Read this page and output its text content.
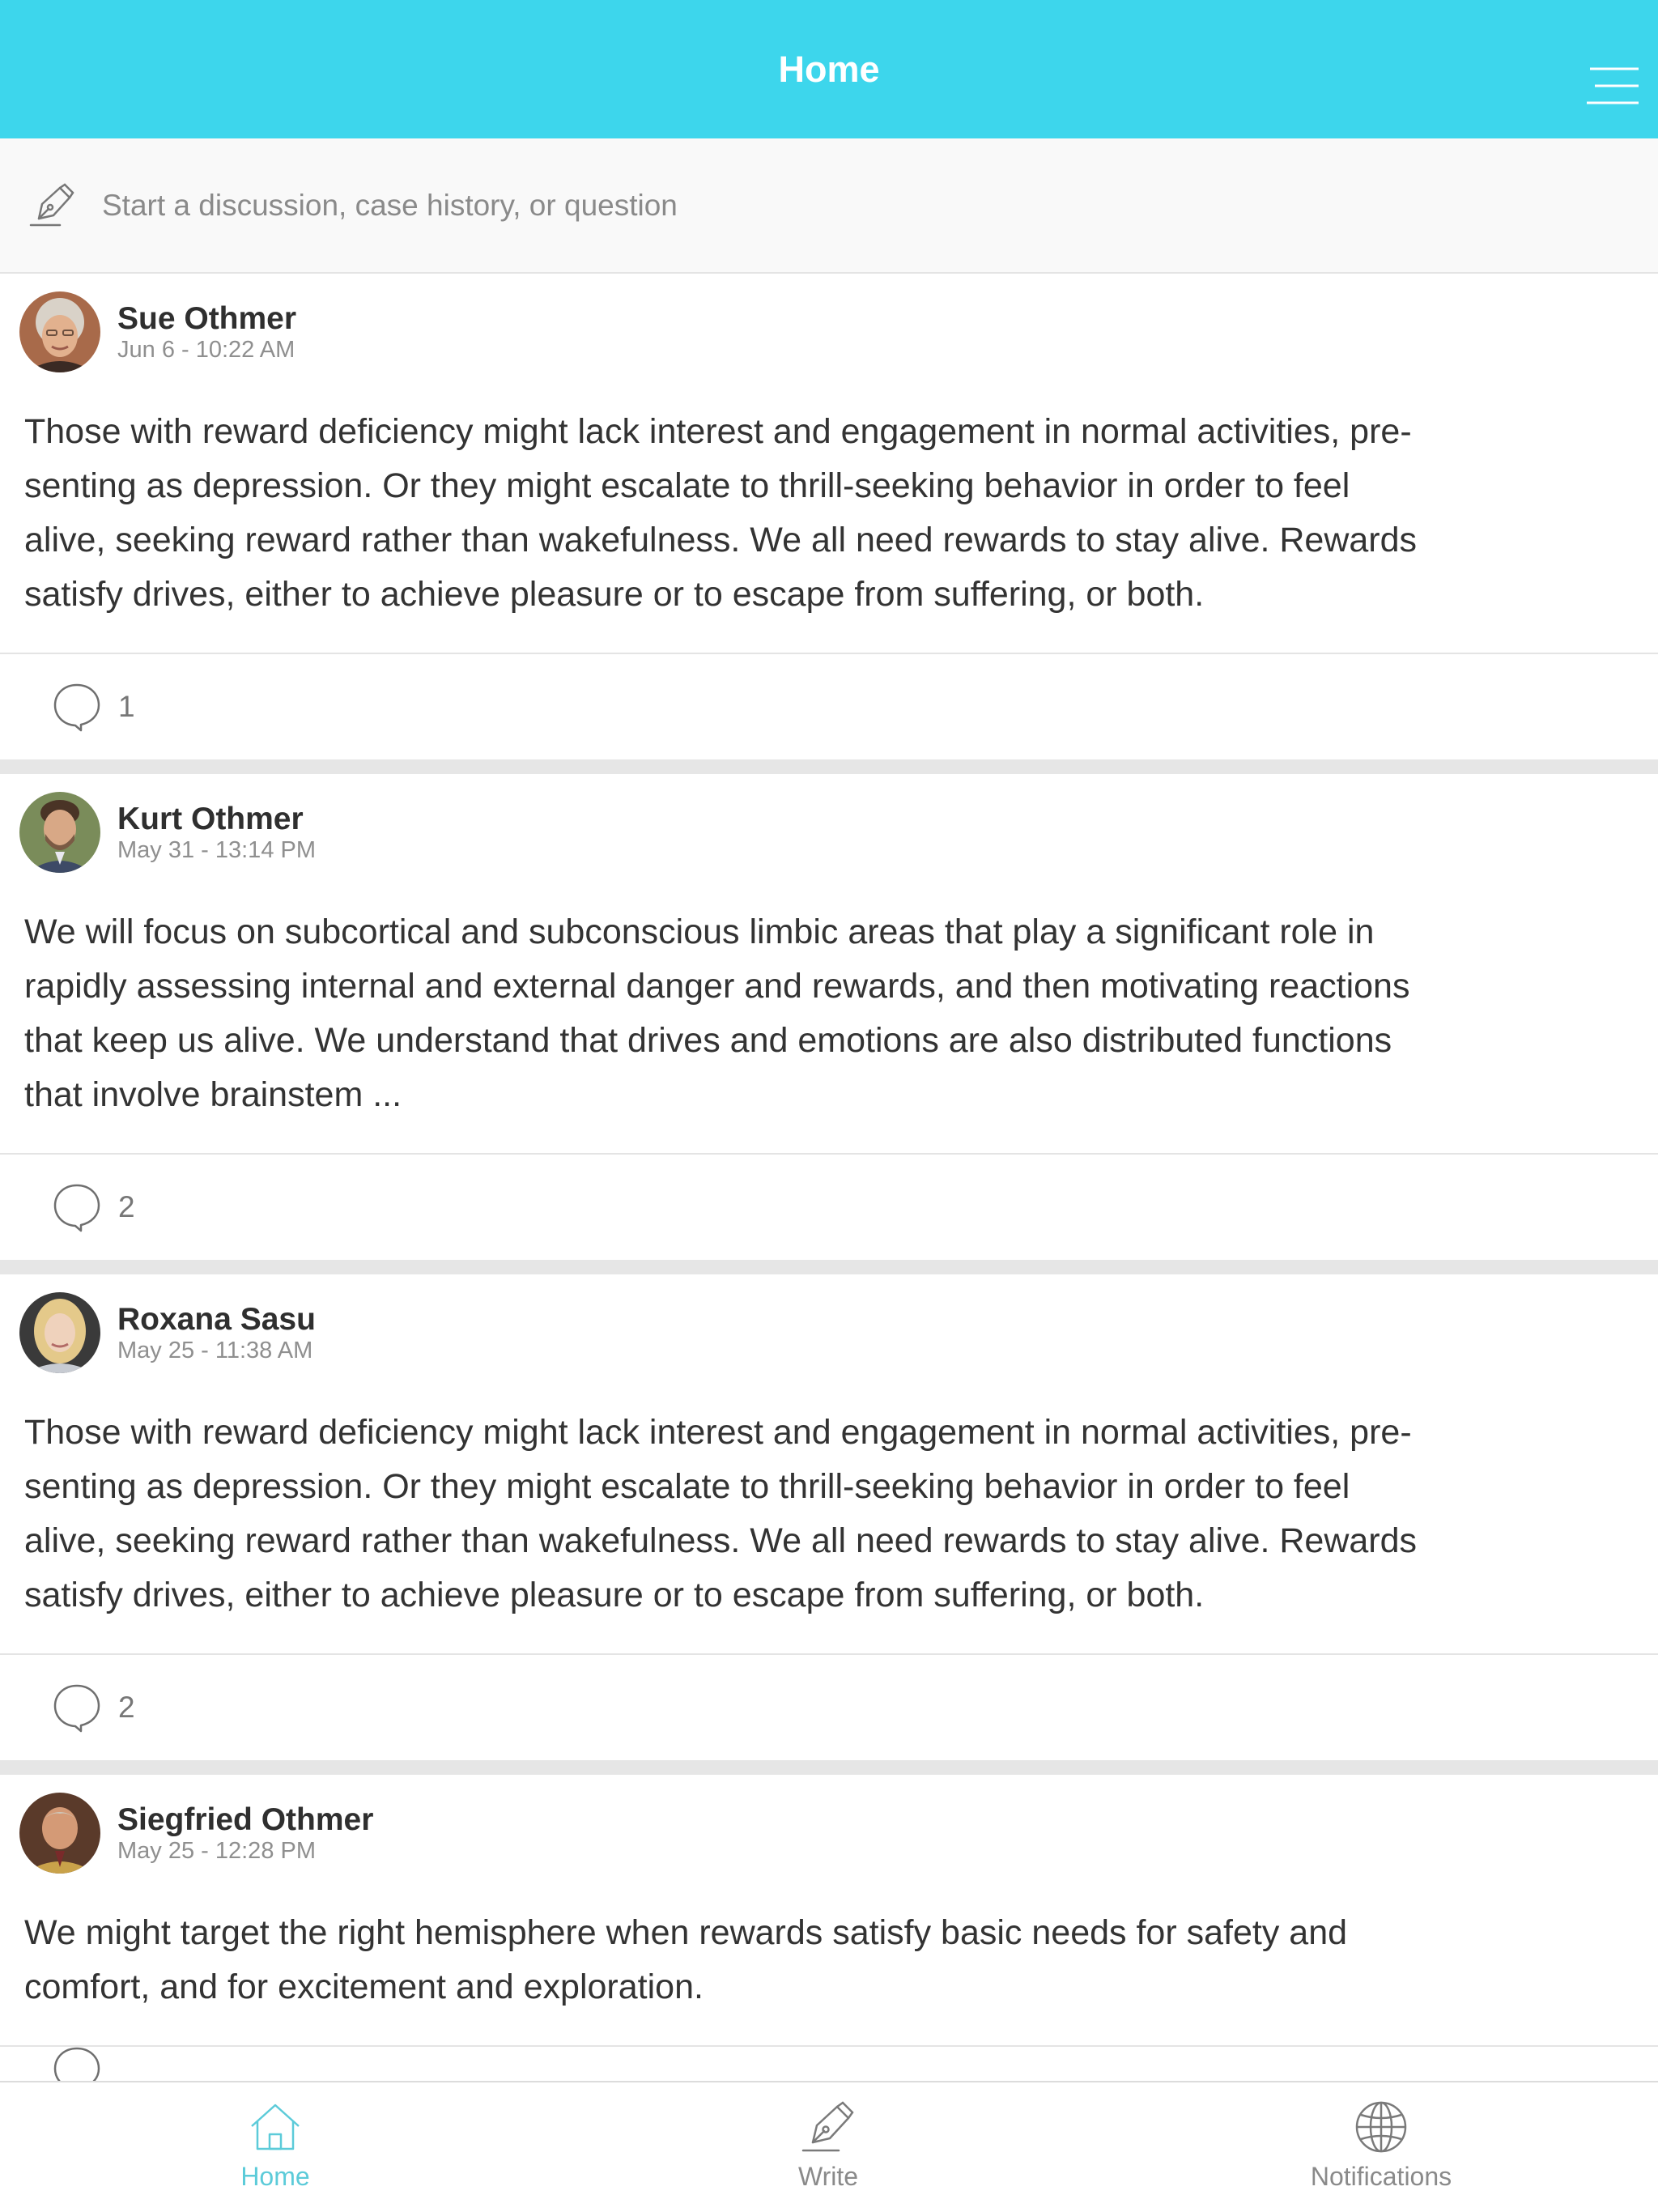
Home
Start a discussion, case history, or question
Sue Othmer
Jun 6 - 10:22 AM
Those with reward deficiency might lack interest and engagement in normal activities, pre-
senting as depression. Or they might escalate to thrill-seeking behavior in order to feel
alive, seeking reward rather than wakefulness. We all need rewards to stay alive. Rewards
satisfy drives, either to achieve pleasure or to escape from suffering, or both.
1
Kurt Othmer
May 31 - 13:14 PM
We will focus on subcortical and subconscious limbic areas that play a significant role in
rapidly assessing internal and external danger and rewards, and then motivating reactions
that keep us alive. We understand that drives and emotions are also distributed functions
that involve brainstem ...
2
Roxana Sasu
May 25 - 11:38 AM
Those with reward deficiency might lack interest and engagement in normal activities, pre-
senting as depression. Or they might escalate to thrill-seeking behavior in order to feel
alive, seeking reward rather than wakefulness. We all need rewards to stay alive. Rewards
satisfy drives, either to achieve pleasure or to escape from suffering, or both.
2
Siegfried Othmer
May 25 - 12:28 PM
We might target the right hemisphere when rewards satisfy basic needs for safety and
comfort, and for excitement and exploration.
Home	Write	Notifications
